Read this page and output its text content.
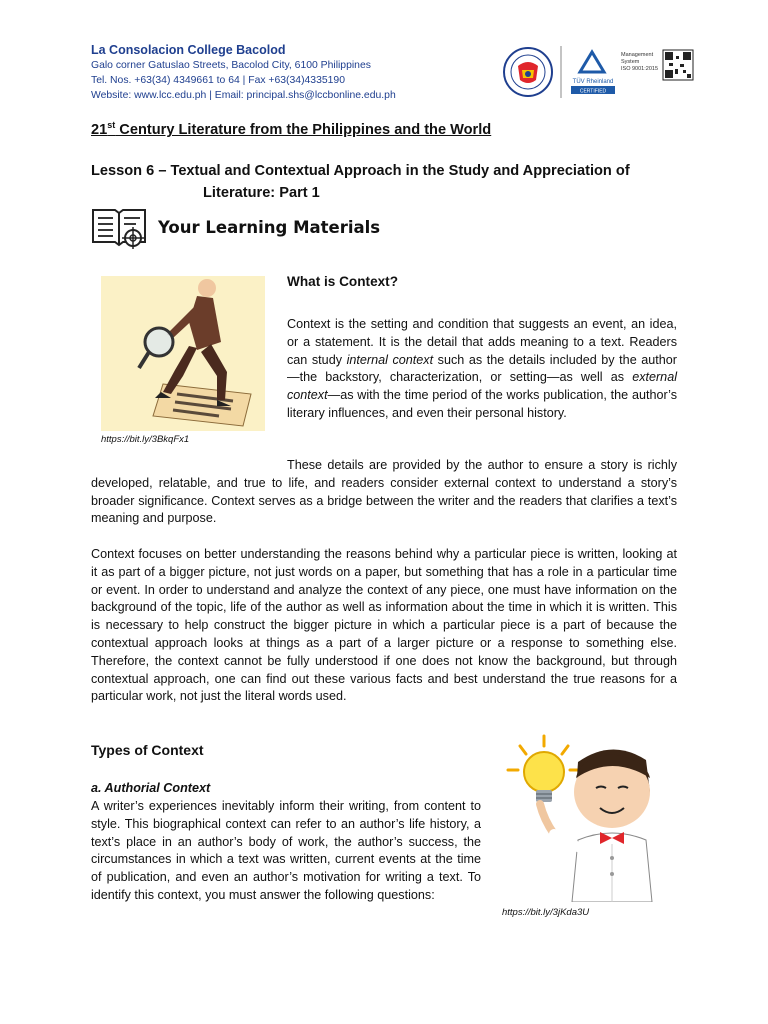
La Consolacion College Bacolod
Galo corner Gatuslao Streets, Bacolod City, 6100 Philippines
Tel. Nos. +63(34) 4349661 to 64 | Fax +63(34)4335190
Website: www.lcc.edu.ph | Email: principal.shs@lccbonline.edu.ph
TÜV Rheinland
CERTIFIED
Management
System
ISO 9001:2015
21st Century Literature from the Philippines and the World
Lesson 6 – Textual and Contextual Approach in the Study and Appreciation of
Literature: Part 1
Your Learning Materials
https://bit.ly/3BkqFx1
What is Context?
Context is the setting and condition that suggests an event, an idea, or a statement. It is the detail that adds meaning to a text. Readers can study internal context such as the details included by the author—the backstory, characterization, or setting—as well as external context—as with the time period of the works publication, the author’s literary influences, and even their personal history.
These details are provided by the author to ensure a story is richly developed, relatable, and true to life, and readers consider external context to understand a story’s broader significance. Context serves as a bridge between the writer and the readers that clarifies a text’s meaning and purpose.
Context focuses on better understanding the reasons behind why a particular piece is written, looking at it as part of a bigger picture, not just words on a paper, but something that has a role in a particular time or event. In order to understand and analyze the context of any piece, one must have information on the background of the topic, life of the author as well as information about the time in which it is written. This is necessary to help construct the bigger picture in which a particular piece is a part of because the contextual approach looks at things as a part of a larger picture or a response to something else. Therefore, the context cannot be fully understood if one does not know the background, but through contextual approach, one can find out these various facts and best understand the true reasons for a particular work, not just the literal words used.
Types of Context
a. Authorial Context
A writer’s experiences inevitably inform their writing, from content to style. This biographical context can refer to an author’s life history, a text’s place in an author’s body of work, the author’s success, the circumstances in which a text was written, current events at the time of publication, and even an author’s motivation for writing a text. To identify this context, you must answer the following questions:
https://bit.ly/3jKda3U
